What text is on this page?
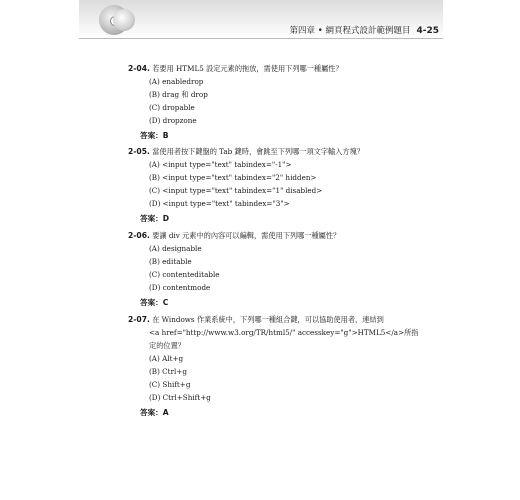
第四章 • 網頁程式設計範例題目 4-25
2-04. 若要用 HTML5 設定元素的拖放，需使用下列哪一種屬性？
(A) enabledrop
(B) drag 和 drop
(C) dropable
(D) dropzone
答案：B
2-05. 當使用者按下鍵盤的 Tab 鍵時，會跳至下列哪一項文字輸入方塊？
(A) <input type="text" tabindex="-1">
(B) <input type="text" tabindex="2" hidden>
(C) <input type="text" tabindex="1" disabled>
(D) <input type="text" tabindex="3">
答案：D
2-06. 要讓 div 元素中的內容可以編輯，需使用下列哪一種屬性？
(A) designable
(B) editable
(C) contenteditable
(D) contentmode
答案：C
2-07. 在 Windows 作業系統中，下列哪一種組合鍵，可以協助使用者，連結到
<a href="http://www.w3.org/TR/html5/" accesskey="g">HTML5</a>所指
定的位置？
(A) Alt+g
(B) Ctrl+g
(C) Shift+g
(D) Ctrl+Shift+g
答案：A
